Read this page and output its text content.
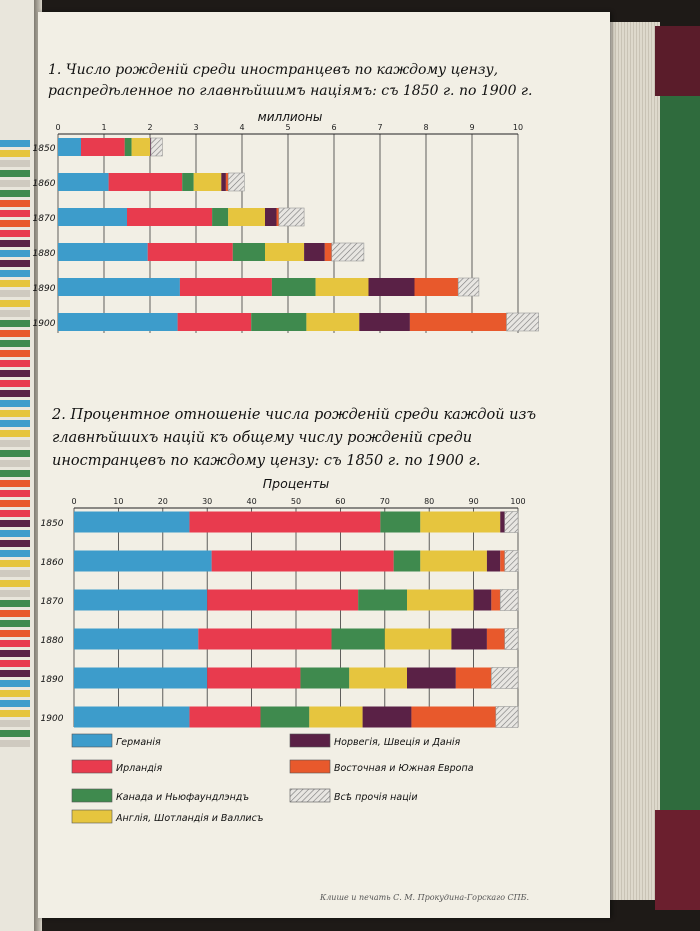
1. Число рожденій среди иностранцевъ по каждому цензу, распредѣленное по главнѣйшимъ націямъ: съ 1850 г. по 1900 г.
2. Процентное отношеніе числа рожденій среди каждой изъ главнѣйшихъ націй къ общему числу рожденій среди иностранцевъ по каждому цензу: съ 1850 г. по 1900 г.
0	1	2	3	4	5	6	7	8	9	10
миллионы
1850
1860
1870
1880
1890
1900
0	10	20	30	40	50	60	70	80	90	100
Проценты
1850
1860
1870
1880
1890
1900
Германія
Ирландія
Канада и Ньюфаундлэндъ
Англія, Шотландія и Валлисъ
Норвегія, Швеція и Данія
Восточная и Южная Европа
Всѣ прочія націи
Клише и печать С. М. Прокудина-Горскаго СПБ.
